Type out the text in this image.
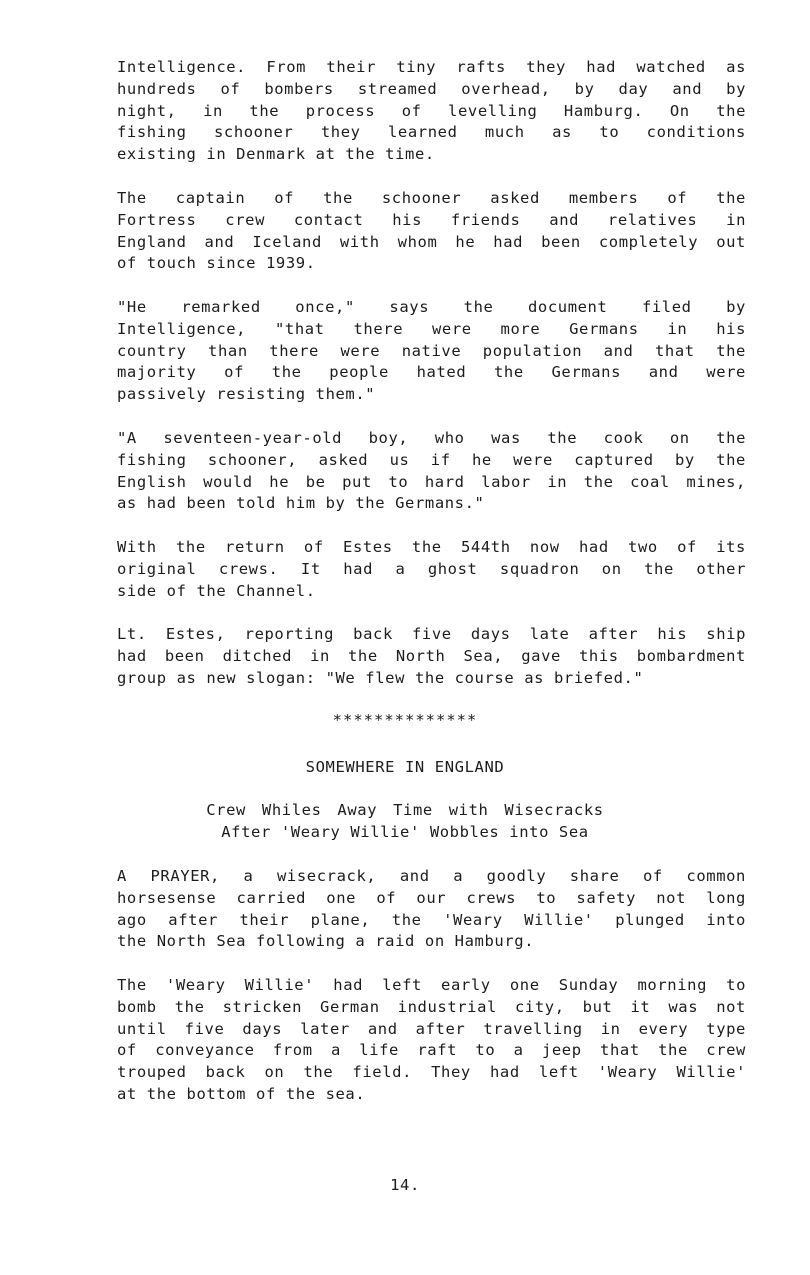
Intelligence. From their tiny rafts they had watched as
hundreds of bombers streamed overhead, by day and by
night, in the process of levelling Hamburg. On the
fishing schooner they learned much as to conditions
existing in Denmark at the time.
The captain of the schooner asked members of the
Fortress crew contact his friends and relatives in
England and Iceland with whom he had been completely out
of touch since 1939.
"He remarked once," says the document filed by
Intelligence, "that there were more Germans in his
country than there were native population and that the
majority of the people hated the Germans and were
passively resisting them."
"A seventeen-year-old boy, who was the cook on the
fishing schooner, asked us if he were captured by the
English would he be put to hard labor in the coal mines,
as had been told him by the Germans."
With the return of Estes the 544th now had two of its
original crews. It had a ghost squadron on the other
side of the Channel.
Lt. Estes, reporting back five days late after his ship
had been ditched in the North Sea, gave this bombardment
group as new slogan: "We flew the course as briefed."

**************

SOMEWHERE IN ENGLAND

Crew Whiles Away Time with Wisecracks
After 'Weary Willie' Wobbles into Sea
A PRAYER, a wisecrack, and a goodly share of common
horsesense carried one of our crews to safety not long
ago after their plane, the 'Weary Willie' plunged into
the North Sea following a raid on Hamburg.
The 'Weary Willie' had left early one Sunday morning to
bomb the stricken German industrial city, but it was not
until five days later and after travelling in every type
of conveyance from a life raft to a jeep that the crew
trouped back on the field. They had left 'Weary Willie'
at the bottom of the sea.

14.
